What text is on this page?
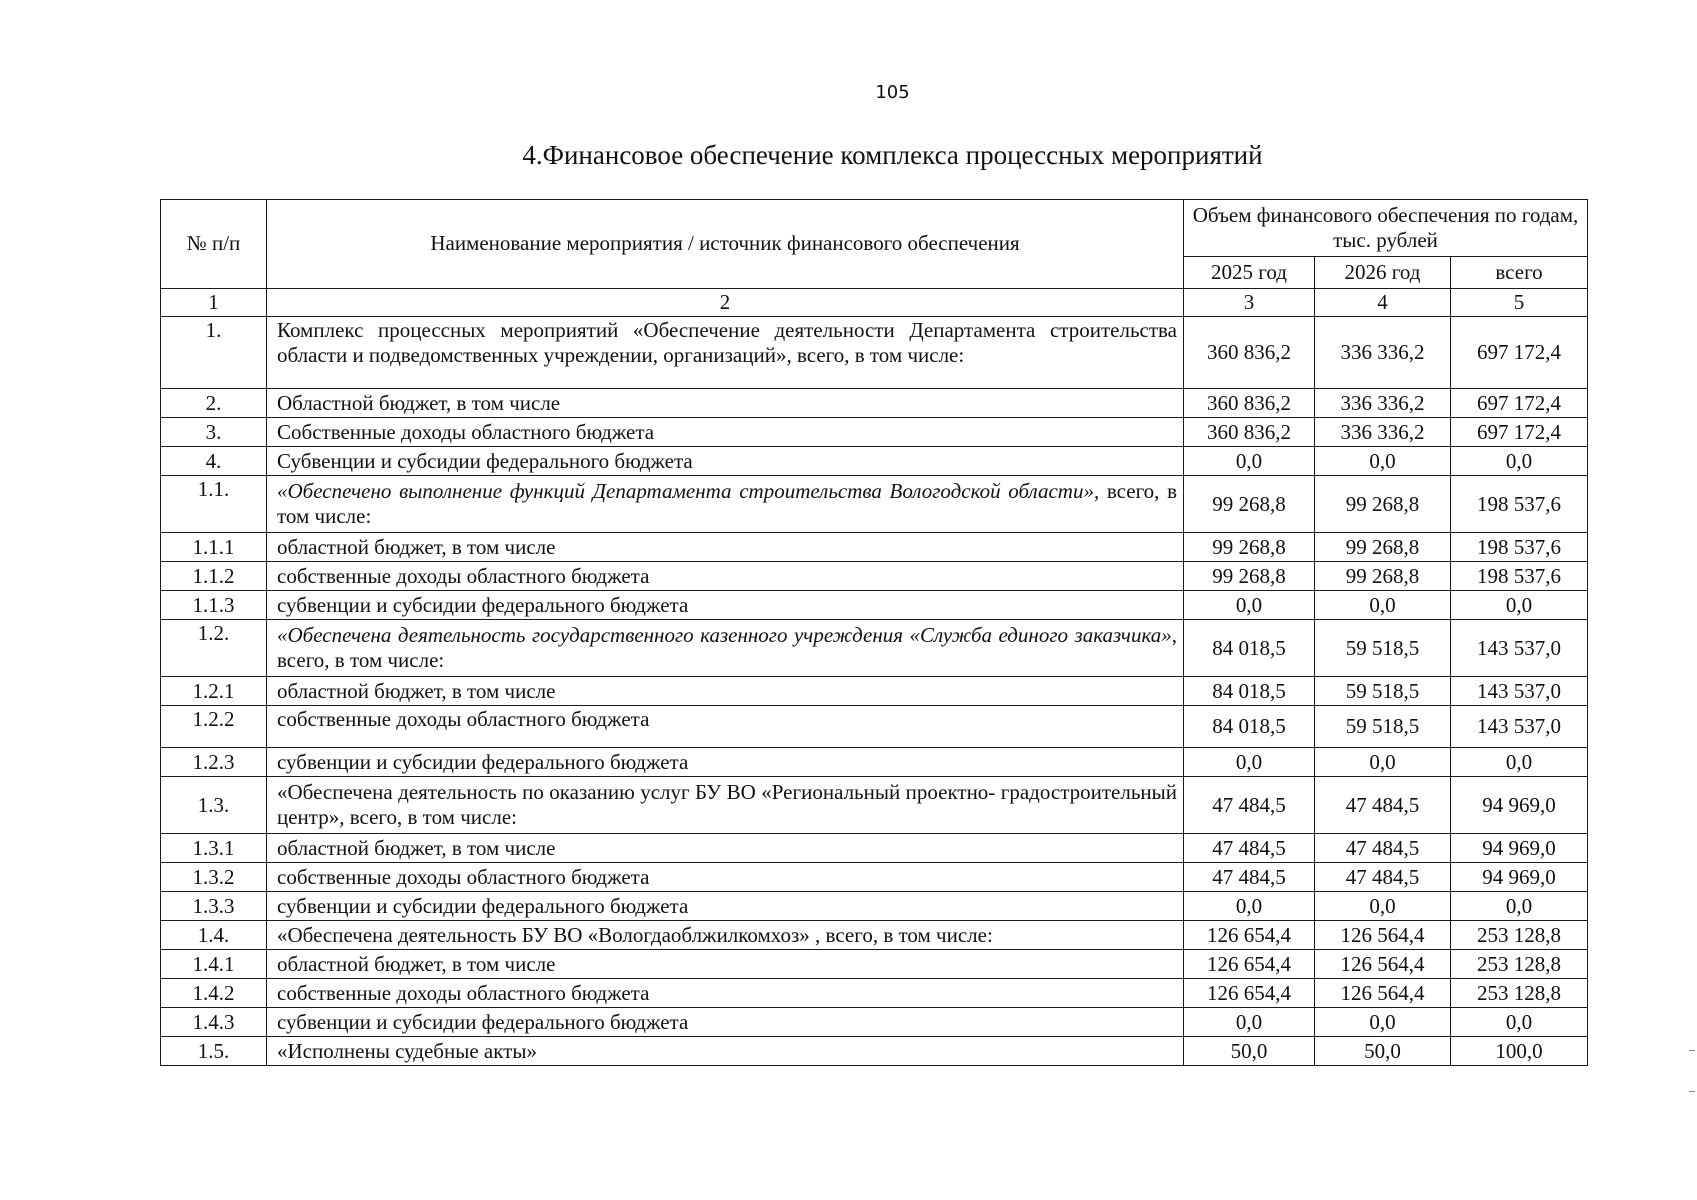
105
4.Финансовое обеспечение комплекса процессных мероприятий
№ п/п	Наименование мероприятия / источник финансового обеспечения	Объем финансового обеспечения по годам, тыс. рублей		
		2025 год	2026 год	всего
1	2	3	4	5
1.	Комплекс процессных мероприятий «Обеспечение деятельности Департамента строительства области и подведомственных учреждении, организаций», всего, в том числе:	360 836,2	336 336,2	697 172,4
2.	Областной бюджет, в том числе	360 836,2	336 336,2	697 172,4
3.	Собственные доходы областного бюджета	360 836,2	336 336,2	697 172,4
4.	Субвенции и субсидии федерального бюджета	0,0	0,0	0,0
1.1.	«Обеспечено выполнение функций Департамента строительства Вологодской области», всего, в том числе:	99 268,8	99 268,8	198 537,6
1.1.1	областной бюджет, в том числе	99 268,8	99 268,8	198 537,6
1.1.2	собственные доходы областного бюджета	99 268,8	99 268,8	198 537,6
1.1.3	субвенции и субсидии федерального бюджета	0,0	0,0	0,0
1.2.	«Обеспечена деятельность государственного казенного учреждения «Служба единого заказчика», всего, в том числе:	84 018,5	59 518,5	143 537,0
1.2.1	областной бюджет, в том числе	84 018,5	59 518,5	143 537,0
1.2.2	собственные доходы областного бюджета	84 018,5	59 518,5	143 537,0
1.2.3	субвенции и субсидии федерального бюджета	0,0	0,0	0,0
1.3.	«Обеспечена деятельность по оказанию услуг БУ ВО «Региональный проектно- градостроительный центр», всего, в том числе:	47 484,5	47 484,5	94 969,0
1.3.1	областной бюджет, в том числе	47 484,5	47 484,5	94 969,0
1.3.2	собственные доходы областного бюджета	47 484,5	47 484,5	94 969,0
1.3.3	субвенции и субсидии федерального бюджета	0,0	0,0	0,0
1.4.	«Обеспечена деятельность БУ ВО «Вологдаоблжилкомхоз» , всего, в том числе:	126 654,4	126 564,4	253 128,8
1.4.1	областной бюджет, в том числе	126 654,4	126 564,4	253 128,8
1.4.2	собственные доходы областного бюджета	126 654,4	126 564,4	253 128,8
1.4.3	субвенции и субсидии федерального бюджета	0,0	0,0	0,0
1.5.	«Исполнены судебные акты»	50,0	50,0	100,0
